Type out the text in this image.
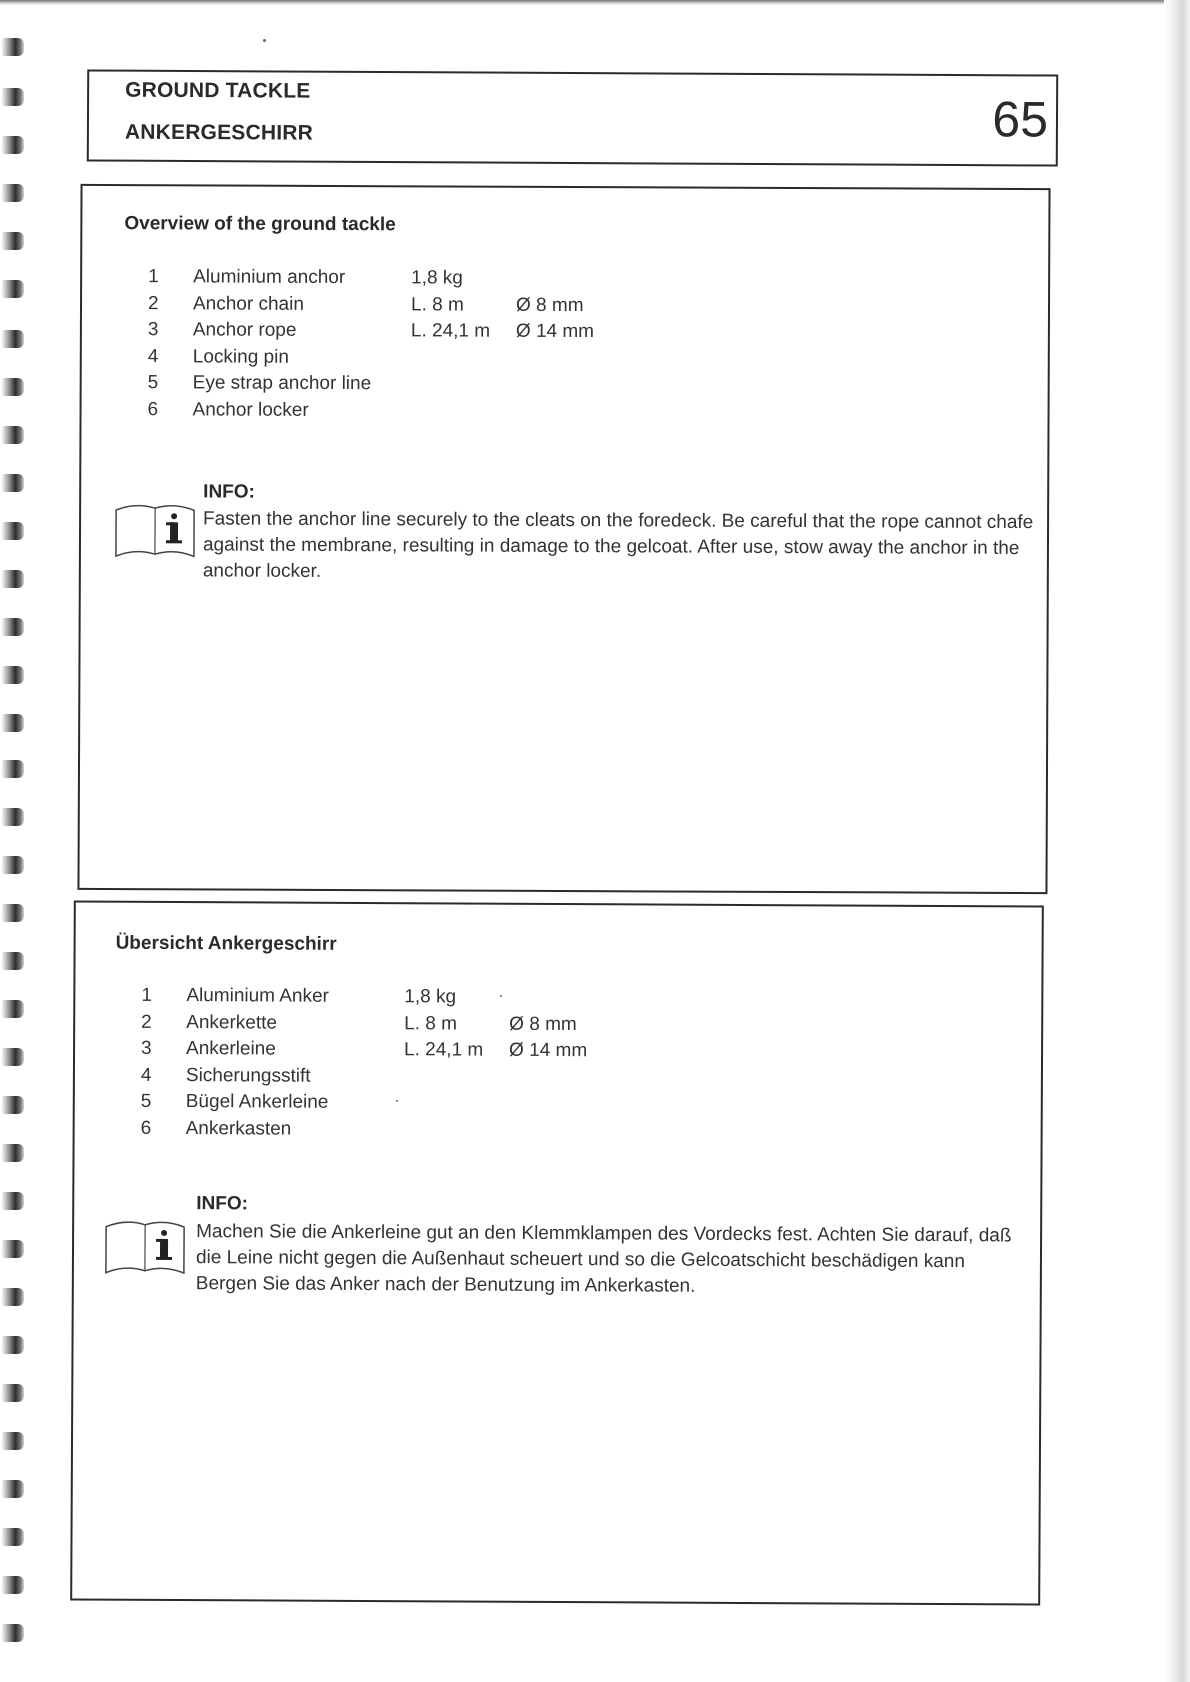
GROUND TACKLE
ANKERGESCHIRR	65
Overview of the ground tackle
1 Aluminium anchor	1,8 kg
2 Anchor chain	L. 8 m	Ø 8 mm
3 Anchor rope	L. 24,1 m Ø 14 mm
4 Locking pin
5 Eye strap anchor line
6 Anchor locker
INFO:
Fasten the anchor line securely to the cleats on the foredeck. Be careful that the rope cannot chafe against the membrane, resulting in damage to the gelcoat. After use, stow away the anchor in the anchor locker.
Übersicht Ankergeschirr
1 Aluminium Anker	1,8 kg
2 Ankerkette	L. 8 m	Ø 8 mm
3 Ankerleine	L. 24,1 m Ø 14 mm
4 Sicherungsstift
5 Bügel Ankerleine
6 Ankerkasten
INFO:
Machen Sie die Ankerleine gut an den Klemmklampen des Vordecks fest. Achten Sie darauf, daß die Leine nicht gegen die Außenhaut scheuert und so die Gelcoatschicht beschädigen kann Bergen Sie das Anker nach der Benutzung im Ankerkasten.
